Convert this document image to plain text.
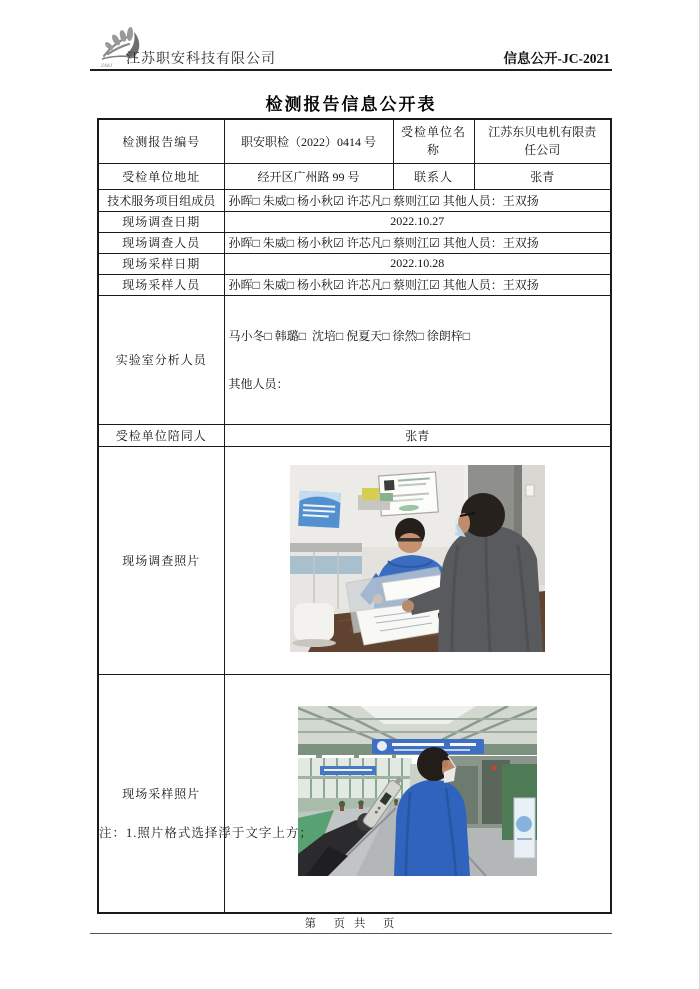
ZAKJ 江苏职安科技有限公司	信息公开-JC-2021
检测报告信息公开表
检测报告编号	职安职检（2022）0414 号	受检单位名称	江苏东贝电机有限责任公司
受检单位地址	经开区广州路 99 号	联系人	张青
技术服务项目组成员	孙晖□ 朱威□ 杨小秋☑ 许芯凡□ 蔡则江☑ 其他人员：王双扬		
现场调查日期	2022.10.27		
现场调查人员	孙晖□ 朱威□ 杨小秋☑ 许芯凡□ 蔡则江☑ 其他人员：王双扬		
现场采样日期	2022.10.28		
现场采样人员	孙晖□ 朱威□ 杨小秋☑ 许芯凡□ 蔡则江☑ 其他人员：王双扬		
实验室分析人员	马小冬□ 韩璐□  沈培□ 倪夏天□ 徐然□ 徐朗梓□

其他人员：		

受检单位陪同人	张青		
现场调查照片	
现场采样照片	
注：1.照片格式选择浮于文字上方；
第　页 共　页
